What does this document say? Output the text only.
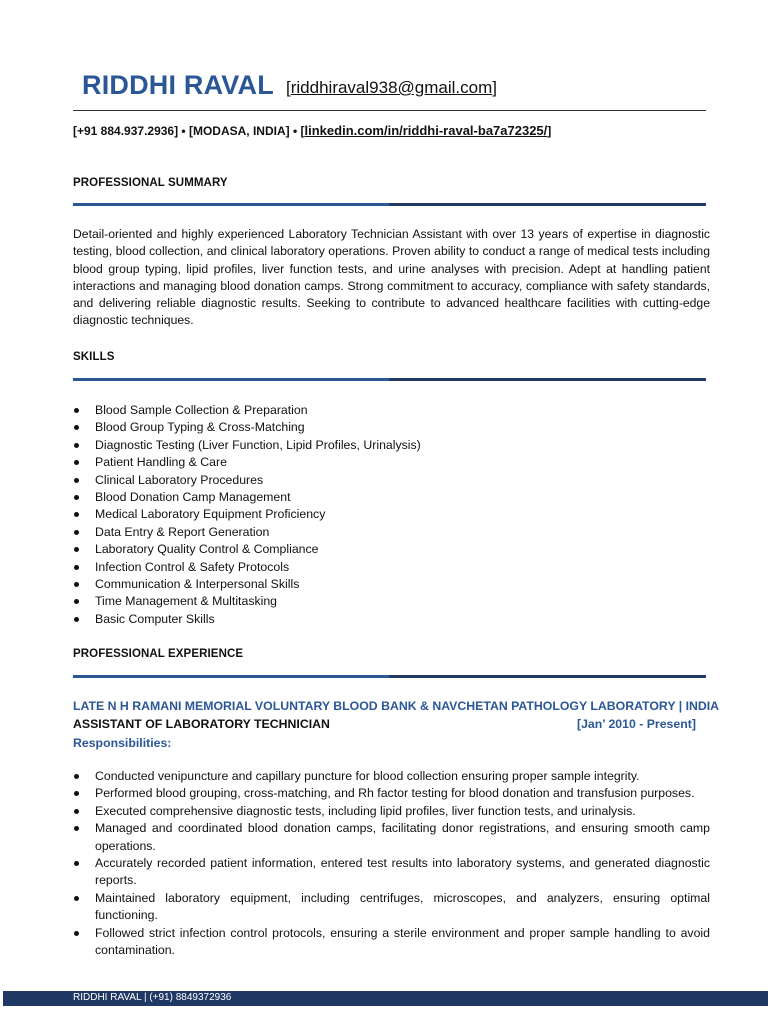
RIDDHI RAVAL [riddhiraval938@gmail.com]
[+91 884.937.2936] • [MODASA, INDIA] • [linkedin.com/in/riddhi-raval-ba7a72325/]
PROFESSIONAL SUMMARY
Detail-oriented and highly experienced Laboratory Technician Assistant with over 13 years of expertise in diagnostic testing, blood collection, and clinical laboratory operations. Proven ability to conduct a range of medical tests including blood group typing, lipid profiles, liver function tests, and urine analyses with precision. Adept at handling patient interactions and managing blood donation camps. Strong commitment to accuracy, compliance with safety standards, and delivering reliable diagnostic results. Seeking to contribute to advanced healthcare facilities with cutting-edge diagnostic techniques.
SKILLS
Blood Sample Collection & Preparation
Blood Group Typing & Cross-Matching
Diagnostic Testing (Liver Function, Lipid Profiles, Urinalysis)
Patient Handling & Care
Clinical Laboratory Procedures
Blood Donation Camp Management
Medical Laboratory Equipment Proficiency
Data Entry & Report Generation
Laboratory Quality Control & Compliance
Infection Control & Safety Protocols
Communication & Interpersonal Skills
Time Management & Multitasking
Basic Computer Skills
PROFESSIONAL EXPERIENCE
LATE N H RAMANI MEMORIAL VOLUNTARY BLOOD BANK & NAVCHETAN PATHOLOGY LABORATORY | INDIA
ASSISTANT OF LABORATORY TECHNICIAN	[Jan’ 2010 - Present]
Responsibilities:
Conducted venipuncture and capillary puncture for blood collection ensuring proper sample integrity.
Performed blood grouping, cross-matching, and Rh factor testing for blood donation and transfusion purposes.
Executed comprehensive diagnostic tests, including lipid profiles, liver function tests, and urinalysis.
Managed and coordinated blood donation camps, facilitating donor registrations, and ensuring smooth camp operations.
Accurately recorded patient information, entered test results into laboratory systems, and generated diagnostic reports.
Maintained laboratory equipment, including centrifuges, microscopes, and analyzers, ensuring optimal functioning.
Followed strict infection control protocols, ensuring a sterile environment and proper sample handling to avoid contamination.
RIDDHI RAVAL | (+91) 8849372936
